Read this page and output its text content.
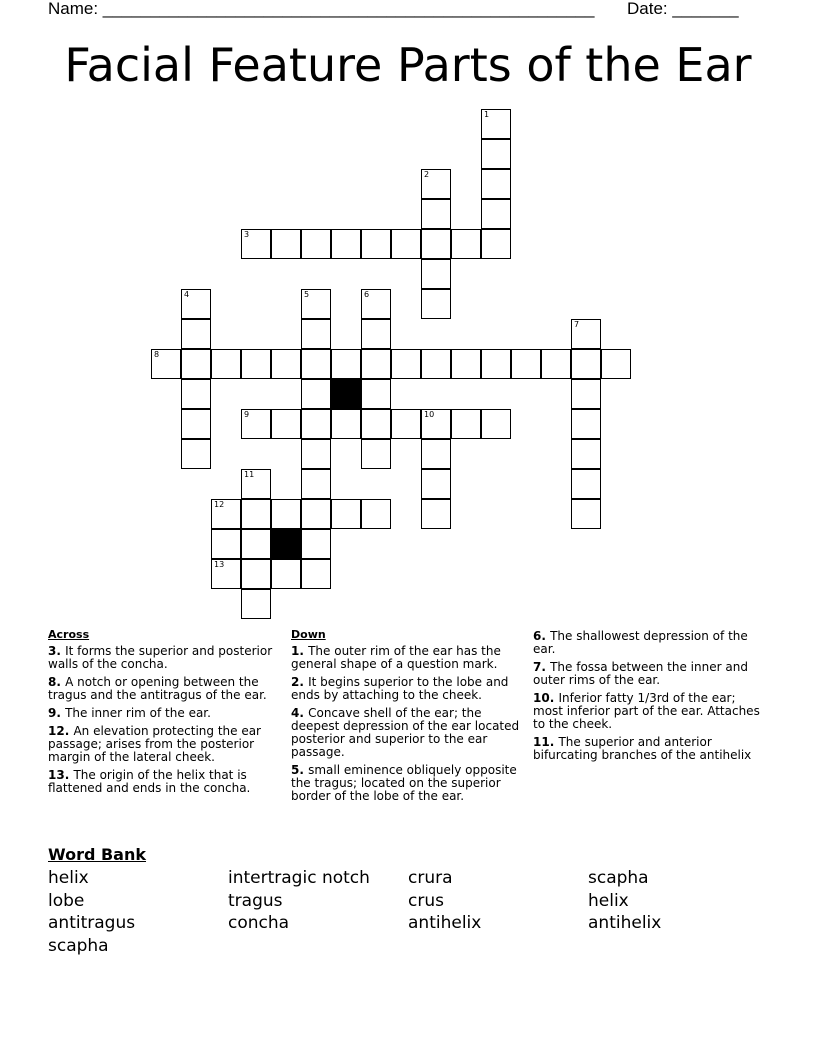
Name: ____________________________________________________ Date: _______
Facial Feature Parts of the Ear
1
2
3
4	5	6
7
8
9	10
11
12
13
Across
3. It forms the superior and posterior walls of the concha.
8. A notch or opening between the tragus and the antitragus of the ear.
9. The inner rim of the ear.
12. An elevation protecting the ear passage; arises from the posterior margin of the lateral cheek.
13. The origin of the helix that is flattened and ends in the concha.
Down
1. The outer rim of the ear has the general shape of a question mark.
2. It begins superior to the lobe and ends by attaching to the cheek.
4. Concave shell of the ear; the deepest depression of the ear located posterior and superior to the ear passage.
5. small eminence obliquely opposite the tragus; located on the superior border of the lobe of the ear.
6. The shallowest depression of the ear.
7. The fossa between the inner and outer rims of the ear.
10. Inferior fatty 1/3rd of the ear; most inferior part of the ear. Attaches to the cheek.
11. The superior and anterior bifurcating branches of the antihelix
Word Bank
helix
lobe
antitragus
scapha
intertragic notch
tragus
concha
crura
crus
antihelix
scapha
helix
antihelix
